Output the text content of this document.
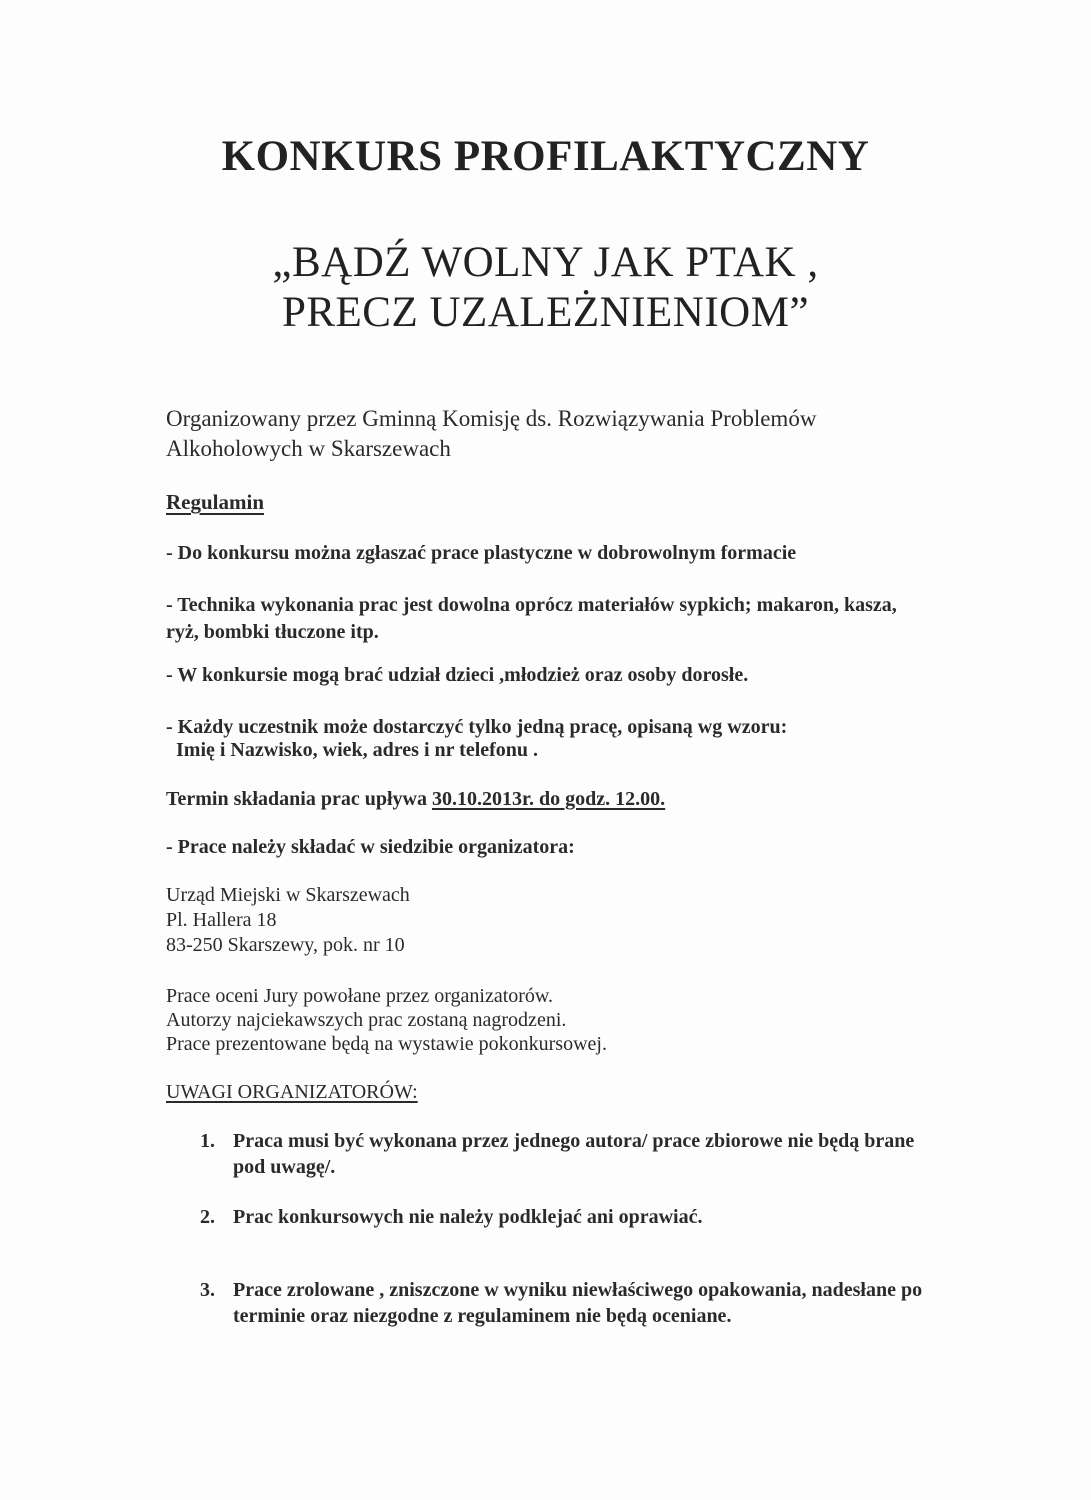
KONKURS PROFILAKTYCZNY
„BĄDŹ WOLNY JAK PTAK ,
PRECZ UZALEŻNIENIOM”
Organizowany przez Gminną Komisję ds. Rozwiązywania Problemów
Alkoholowych w Skarszewach
Regulamin
- Do konkursu można zgłaszać prace plastyczne w dobrowolnym formacie
- Technika wykonania prac jest dowolna oprócz materiałów sypkich; makaron, kasza,
ryż, bombki tłuczone itp.
- W konkursie mogą brać udział dzieci ,młodzież oraz osoby dorosłe.
- Każdy uczestnik może dostarczyć tylko jedną pracę, opisaną wg wzoru:
Imię i Nazwisko, wiek, adres i nr telefonu .
Termin składania prac upływa 30.10.2013r. do godz. 12.00.
- Prace należy składać w siedzibie organizatora:
Urząd Miejski w Skarszewach
Pl. Hallera 18
83-250 Skarszewy, pok. nr 10
Prace oceni Jury powołane przez organizatorów.
Autorzy najciekawszych prac zostaną nagrodzeni.
Prace prezentowane będą na wystawie pokonkursowej.
UWAGI ORGANIZATORÓW:
1. Praca musi być wykonana przez jednego autora/ prace zbiorowe nie będą brane
pod uwagę/.
2. Prac konkursowych nie należy podklejać ani oprawiać.
3. Prace zrolowane , zniszczone w wyniku niewłaściwego opakowania, nadesłane po
terminie oraz niezgodne z regulaminem nie będą oceniane.
